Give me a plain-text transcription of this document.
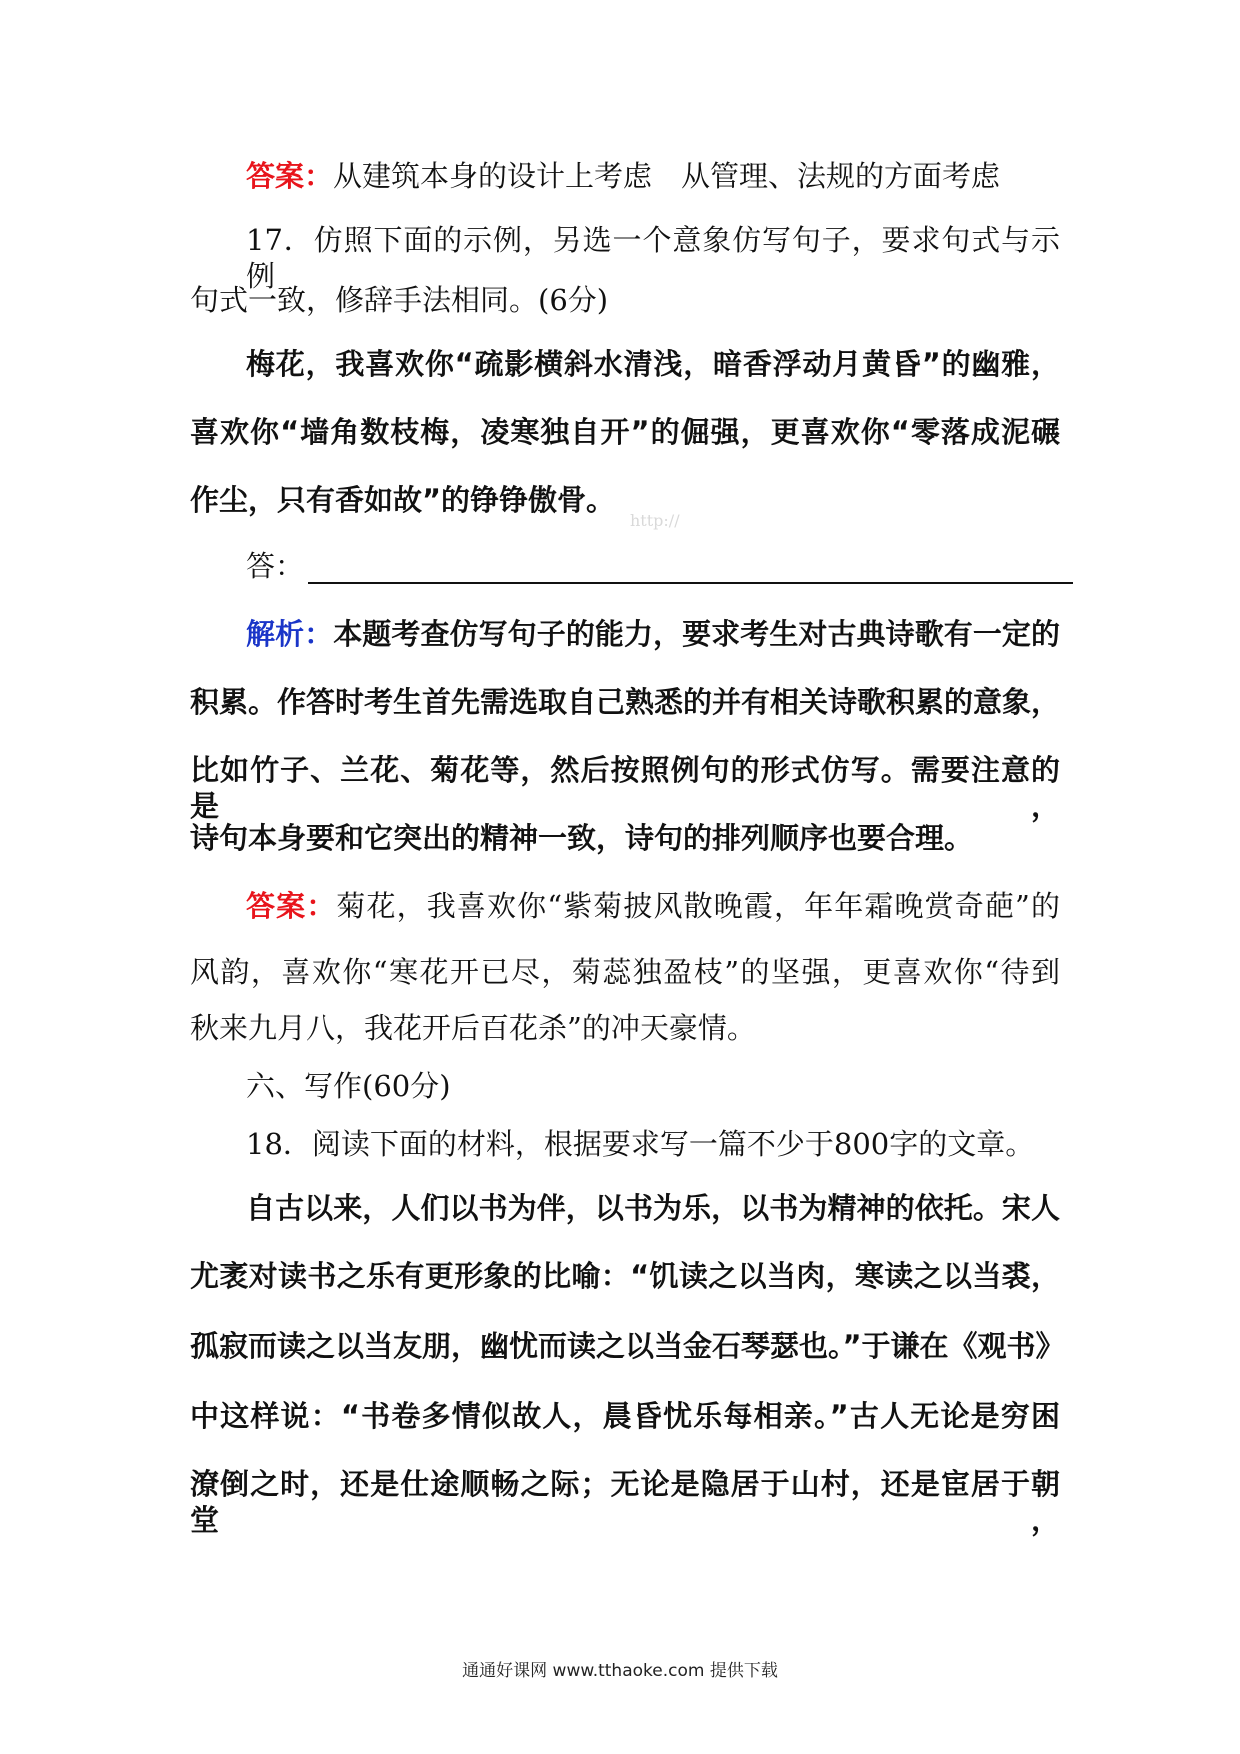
答案：从建筑本身的设计上考虑　从管理、法规的方面考虑
17．仿照下面的示例，另选一个意象仿写句子，要求句式与示例
句式一致，修辞手法相同。(6分)
梅花，我喜欢你“疏影横斜水清浅，暗香浮动月黄昏”的幽雅，
喜欢你“墙角数枝梅，凌寒独自开”的倔强，更喜欢你“零落成泥碾
作尘，只有香如故”的铮铮傲骨。
http://
答：
解析：本题考查仿写句子的能力，要求考生对古典诗歌有一定的
积累。作答时考生首先需选取自己熟悉的并有相关诗歌积累的意象，
比如竹子、兰花、菊花等，然后按照例句的形式仿写。需要注意的是，
诗句本身要和它突出的精神一致，诗句的排列顺序也要合理。
答案：菊花，我喜欢你“紫菊披风散晚霞，年年霜晚赏奇葩”的
风韵，喜欢你“寒花开已尽，菊蕊独盈枝”的坚强，更喜欢你“待到
秋来九月八，我花开后百花杀”的冲天豪情。
六、写作(60分)
18．阅读下面的材料，根据要求写一篇不少于800字的文章。
自古以来，人们以书为伴，以书为乐，以书为精神的依托。宋人
尤袤对读书之乐有更形象的比喻：“饥读之以当肉，寒读之以当裘，
孤寂而读之以当友朋，幽忧而读之以当金石琴瑟也。”于谦在《观书》
中这样说：“书卷多情似故人，晨昏忧乐每相亲。”古人无论是穷困
潦倒之时，还是仕途顺畅之际；无论是隐居于山村，还是宦居于朝堂，
通通好课网 www.tthaoke.com 提供下载
